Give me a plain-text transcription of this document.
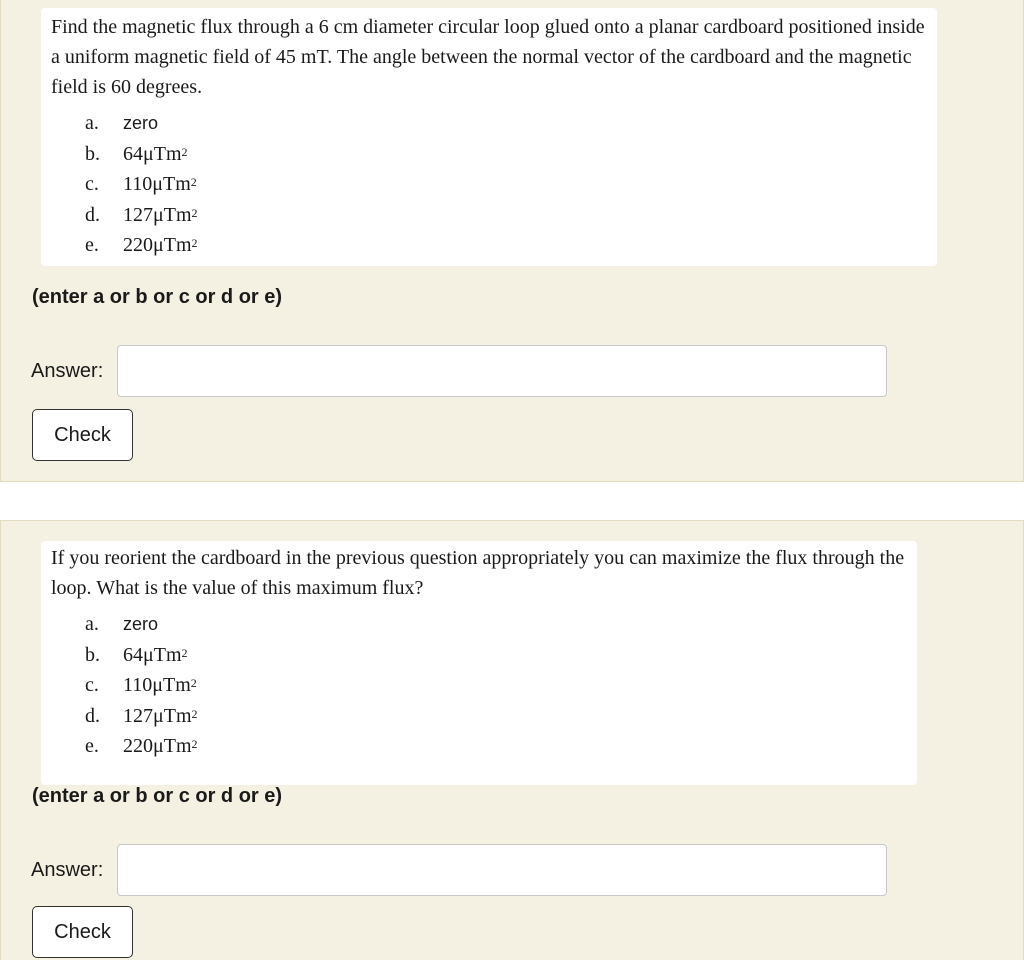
Find the magnetic flux through a 6 cm diameter circular loop glued onto a planar cardboard positioned inside a uniform magnetic field of 45 mT. The angle between the normal vector of the cardboard and the magnetic field is 60 degrees.

a.	zero
b.	64 μTm$^2$
c.	110 μTm$^2$
d.	127 μTm$^2$
e.	220 μTm$^2$
(enter a or b or c or d or e)
Answer:
Check

If you reorient the cardboard in the previous question appropriately you can maximize the flux through the loop. What is the value of this maximum flux?

a.	zero
b.	64 μTm$^2$
c.	110 μTm$^2$
d.	127 μTm$^2$
e.	220 μTm$^2$
(enter a or b or c or d or e)
Answer:
Check
